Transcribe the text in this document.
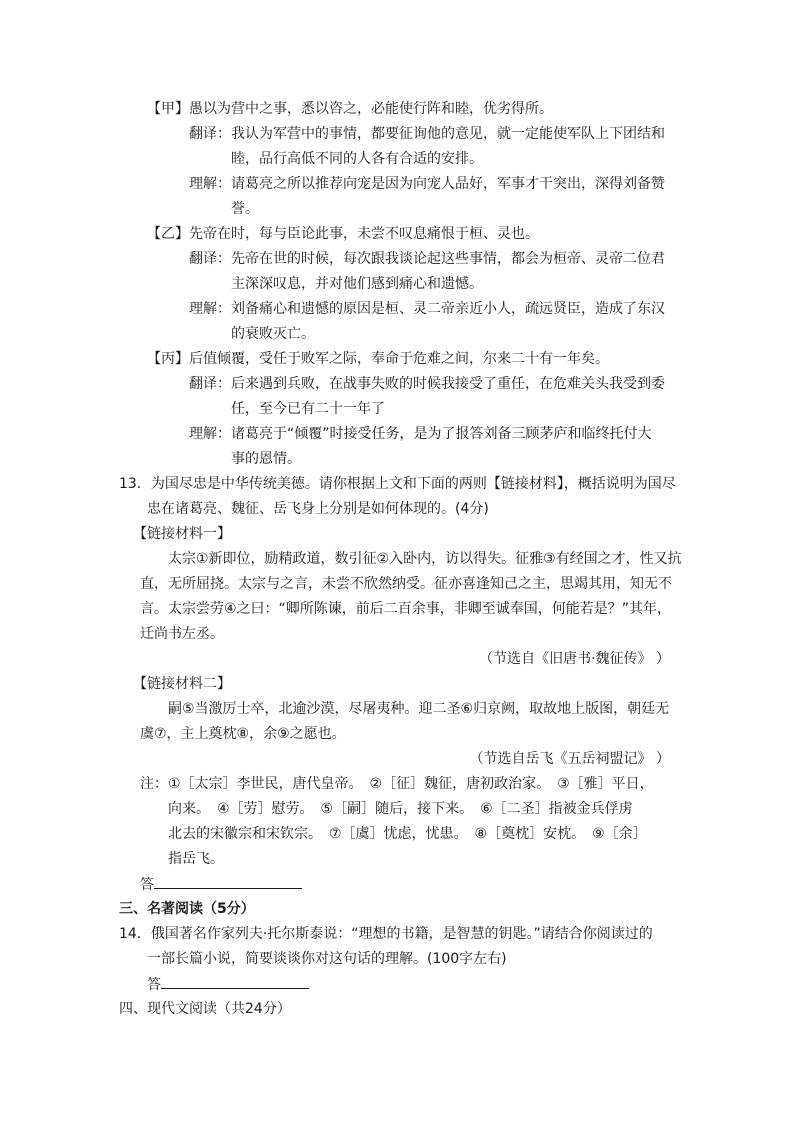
【甲】愚以为营中之事，悉以咨之，必能使行阵和睦，优劣得所。
翻译：我认为军营中的事情，都要征询他的意见，就一定能使军队上下团结和
睦，品行高低不同的人各有合适的安排。
理解：请葛亮之所以推荐向宠是因为向宠人品好，军事才干突出，深得刘备赞
誉。
【乙】先帝在时，每与臣论此事，未尝不叹息痛恨于桓、灵也。
翻译：先帝在世的时候，每次跟我谈论起这些事情，都会为桓帝、灵帝二位君
主深深叹息，并对他们感到痛心和遗憾。
理解：刘备痛心和遗憾的原因是桓、灵二帝亲近小人，疏远贤臣，造成了东汉
的衰败灭亡。
【丙】后值倾覆，受任于败军之际，奉命于危难之间，尔来二十有一年矣。
翻译：后来遇到兵败，在战事失败的时候我接受了重任，在危难关头我受到委
任，至今已有二十一年了
理解：诸葛亮于“倾覆”时接受任务，是为了报答刘备三顾茅庐和临终托付大
事的恩情。
13．为国尽忠是中华传统美德。请你根据上文和下面的两则【链接材料】，概括说明为国尽
忠在诸葛亮、魏征、岳飞身上分别是如何体现的。(4分)
【链接材料一】
太宗①新即位，励精政道，数引征②入卧内，访以得失。征雅③有经国之才，性又抗
直，无所屈挠。太宗与之言，未尝不欣然纳受。征亦喜逢知己之主，思竭其用，知无不
言。太宗尝劳④之曰：“卿所陈谏，前后二百余事，非卿至诚奉国，何能若是？”其年，
迁尚书左丞。
（节选自《旧唐书·魏征传》 ）
【链接材料二】
嗣⑤当激厉士卒，北逾沙漠，尽屠夷种。迎二圣⑥归京阙，取故地上版图，朝廷无
虞⑦，主上奠枕⑧，余⑨之愿也。
（节选自岳飞《五岳祠盟记》 ）
注：①［太宗］李世民，唐代皇帝。　②［征］魏征，唐初政治家。　③［雅］平日，
向来。　④［劳］慰劳。　⑤［嗣］随后，接下来。　⑥［二圣］指被金兵俘虏
北去的宋徽宗和宋钦宗。　⑦［虞］忧虑，忧患。　⑧［奠枕］安枕。　⑨［余］
指岳飞。
答
三、名著阅读（5分）
14．俄国著名作家列夫·托尔斯泰说：“理想的书籍，是智慧的钥匙。”请结合你阅读过的
一部长篇小说，简要谈谈你对这句话的理解。(100字左右)
答
四、现代文阅读（共24分）
